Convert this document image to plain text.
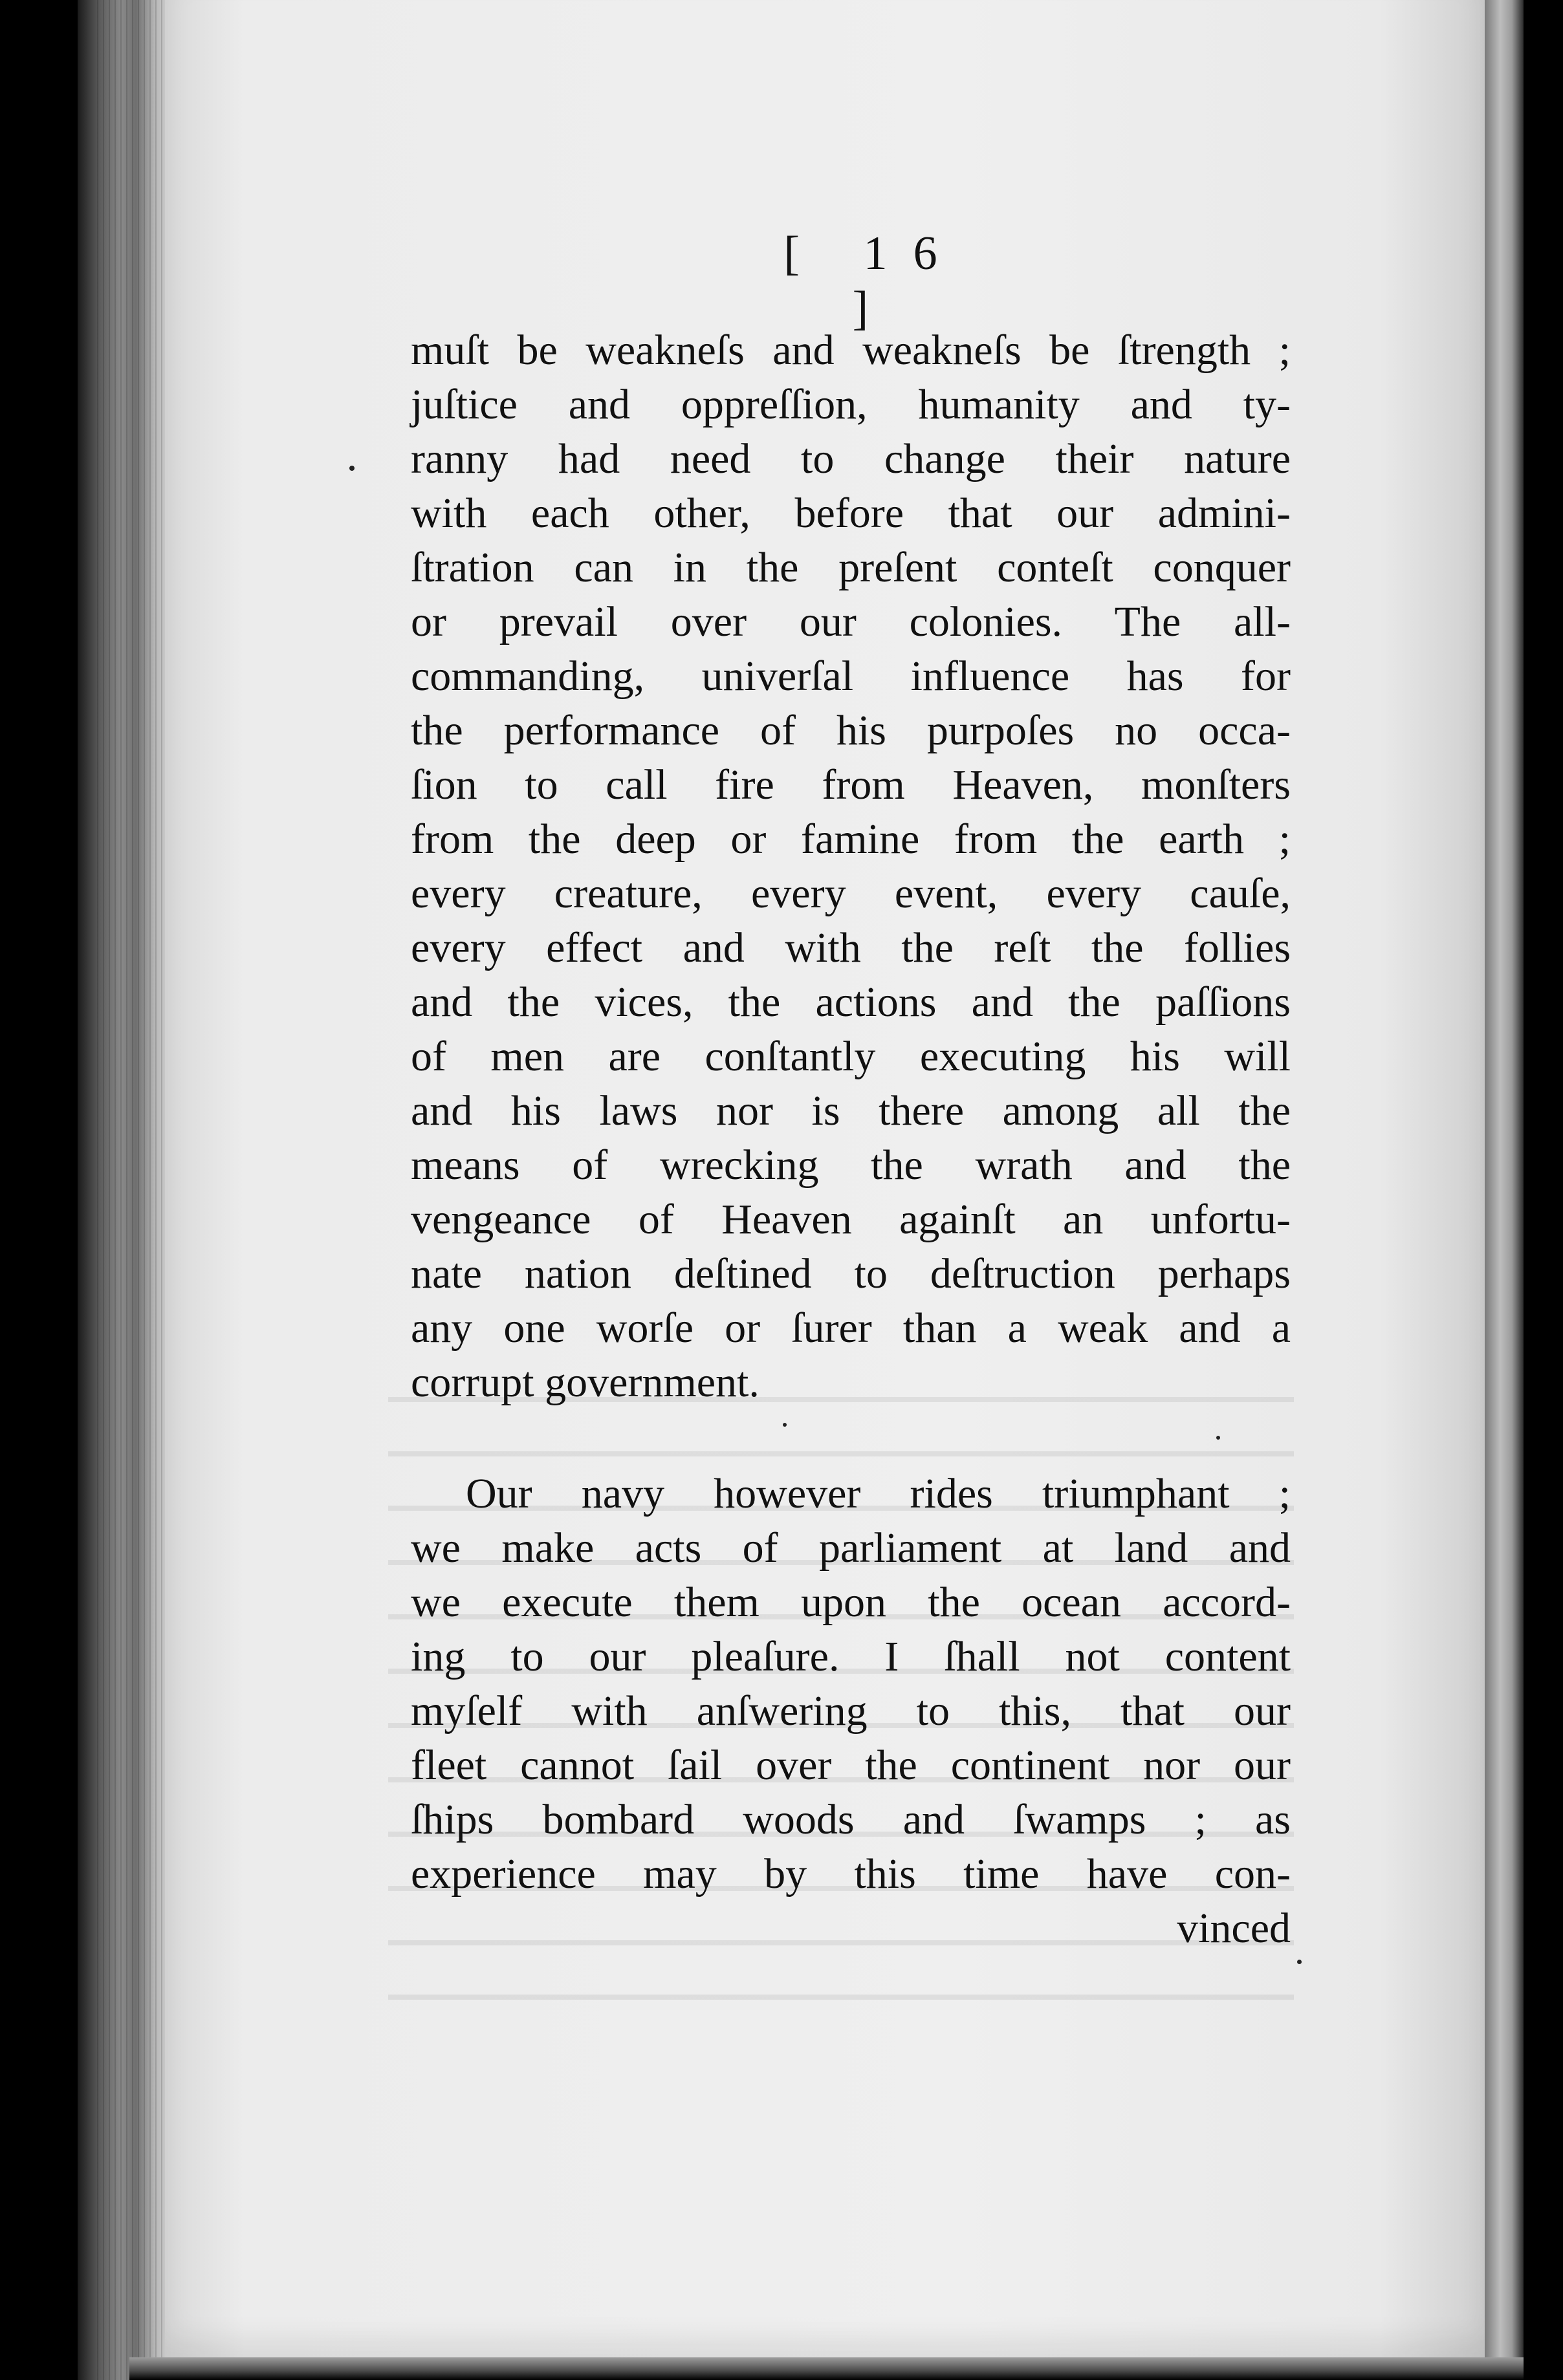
[ 16 ]
muſt be weakneſs and weakneſs be ſtrength ;
juſtice and oppreſſion, humanity and ty-
ranny had need to change their nature
with each other, before that our admini-
ſtration can in the preſent conteſt conquer
or prevail over our colonies. The all-
commanding, univerſal influence has for
the performance of his purpoſes no occa-
ſion to call fire from Heaven, monſters
from the deep or famine from the earth ;
every creature, every event, every cauſe,
every effect and with the reſt the follies
and the vices, the actions and the paſſions
of men are conſtantly executing his will
and his laws nor is there among all the
means of wrecking the wrath and the
vengeance of Heaven againſt an unfortu-
nate nation deſtined to deſtruction perhaps
any one worſe or ſurer than a weak and a
corrupt government.
Our navy however rides triumphant ;
we make acts of parliament at land and
we execute them upon the ocean accord-
ing to our pleaſure. I ſhall not content
myſelf with anſwering to this, that our
fleet cannot ſail over the continent nor our
ſhips bombard woods and ſwamps ; as
experience may by this time have con-
vinced
